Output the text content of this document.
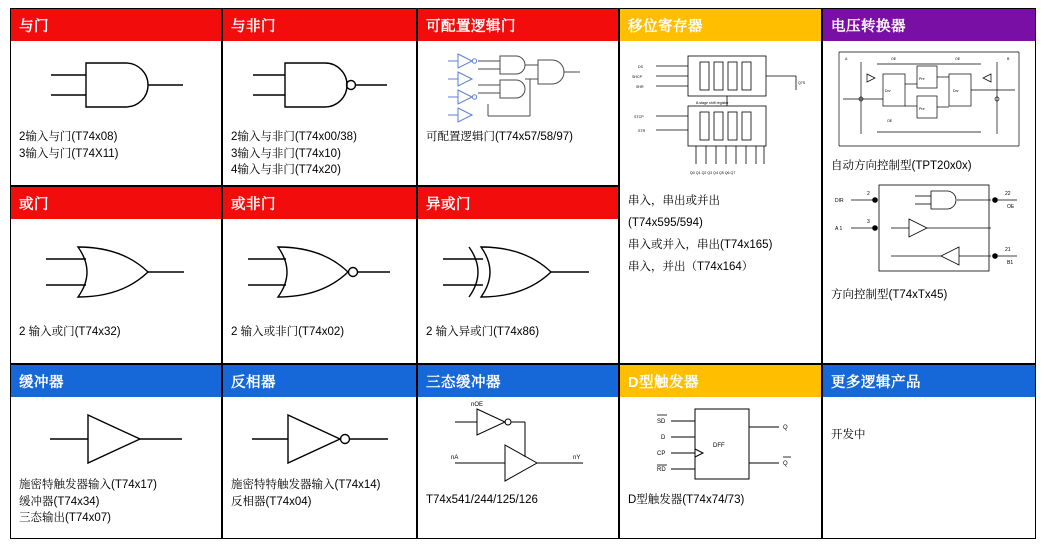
与门
2输入与门(T74x08)
3输入与门(T74X11)
与非门
2输入与非门(T74x00/38)
3输入与非门(T74x10)
4输入与非门(T74x20)
可配置逻辑门
可配置逻辑门(T74x57/58/97)
移位寄存器
DS
SHCP
SHR
STCP
STR
8-stage shift register
Q7S
Q0 Q1 Q2 Q3 Q4 Q5 Q6 Q7
串入，串出或并出
(T74x595/594)
串入或并入，串出(T74x165)
串入，并出（T74x164）
电压转换器
A	B
OE	OE
Pre
Pre
Drv	Drv
OE
自动方向控制型(TPT20x0x)
DIR
A 1
22
OE
21
B1
2
3
方向控制型(T74xTx45)
或门
2 输入或门(T74x32)
或非门
2 输入或非门(T74x02)
异或门
2 输入异或门(T74x86)
缓冲器
施密特触发器输入(T74x17)
缓冲器(T74x34)
三态输出(T74x07)
反相器
施密特特触发器输入(T74x14)
反相器(T74x04)
三态缓冲器
nOE
nA	nY
T74x541/244/125/126
D型触发器
SD
D
CP
RD
Q
Q
DFF
D型触发器(T74x74/73)
更多逻辑产品
开发中
